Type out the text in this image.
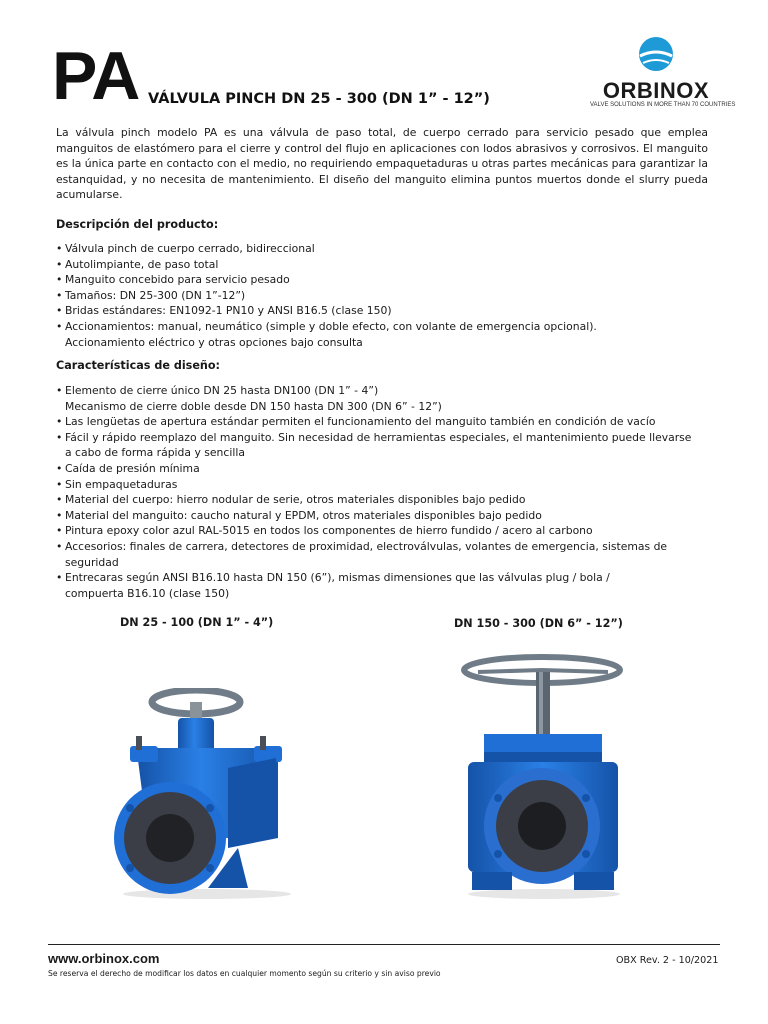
PA VÁLVULA PINCH DN 25 - 300 (DN 1” - 12”)	ORBINOX
VALVE SOLUTIONS IN MORE THAN 70 COUNTRIES

La válvula pinch modelo PA es una válvula de paso total, de cuerpo cerrado para servicio pesado que emplea manguitos de elastómero para el cierre y control del flujo en aplicaciones con lodos abrasivos y corrosivos. El manguito es la única parte en contacto con el medio, no requiriendo empaquetaduras u otras partes mecánicas para garantizar la estanquidad, y no necesita de mantenimiento. El diseño del manguito elimina puntos muertos donde el slurry pueda acumularse.

Descripción del producto:

• Válvula pinch de cuerpo cerrado, bidireccional
• Autolimpiante, de paso total
• Manguito concebido para servicio pesado
• Tamaños: DN 25-300 (DN 1”-12”)
• Bridas estándares: EN1092-1 PN10 y ANSI B16.5 (clase 150)
• Accionamientos: manual, neumático (simple y doble efecto, con volante de emergencia opcional).
Accionamiento eléctrico y otras opciones bajo consulta

Características de diseño:

• Elemento de cierre único DN 25 hasta DN100 (DN 1” - 4”)
Mecanismo de cierre doble desde DN 150 hasta DN 300 (DN 6” - 12”)
• Las lengüetas de apertura estándar permiten el funcionamiento del manguito también en condición de vacío
• Fácil y rápido reemplazo del manguito. Sin necesidad de herramientas especiales, el mantenimiento puede llevarse
a cabo de forma rápida y sencilla
• Caída de presión mínima
• Sin empaquetaduras
• Material del cuerpo: hierro nodular de serie, otros materiales disponibles bajo pedido
• Material del manguito: caucho natural y EPDM, otros materiales disponibles bajo pedido
• Pintura epoxy color azul RAL-5015 en todos los componentes de hierro fundido / acero al carbono
• Accesorios: finales de carrera, detectores de proximidad, electroválvulas, volantes de emergencia, sistemas de
seguridad
• Entrecaras según ANSI B16.10 hasta DN 150 (6”), mismas dimensiones que las válvulas plug / bola /
compuerta B16.10 (clase 150)
DN 25 - 100 (DN 1” - 4”)	DN 150 - 300 (DN 6” - 12”)
www.orbinox.com
Se reserva el derecho de modificar los datos en cualquier momento según su criterio y sin aviso previo
OBX Rev. 2 - 10/2021
